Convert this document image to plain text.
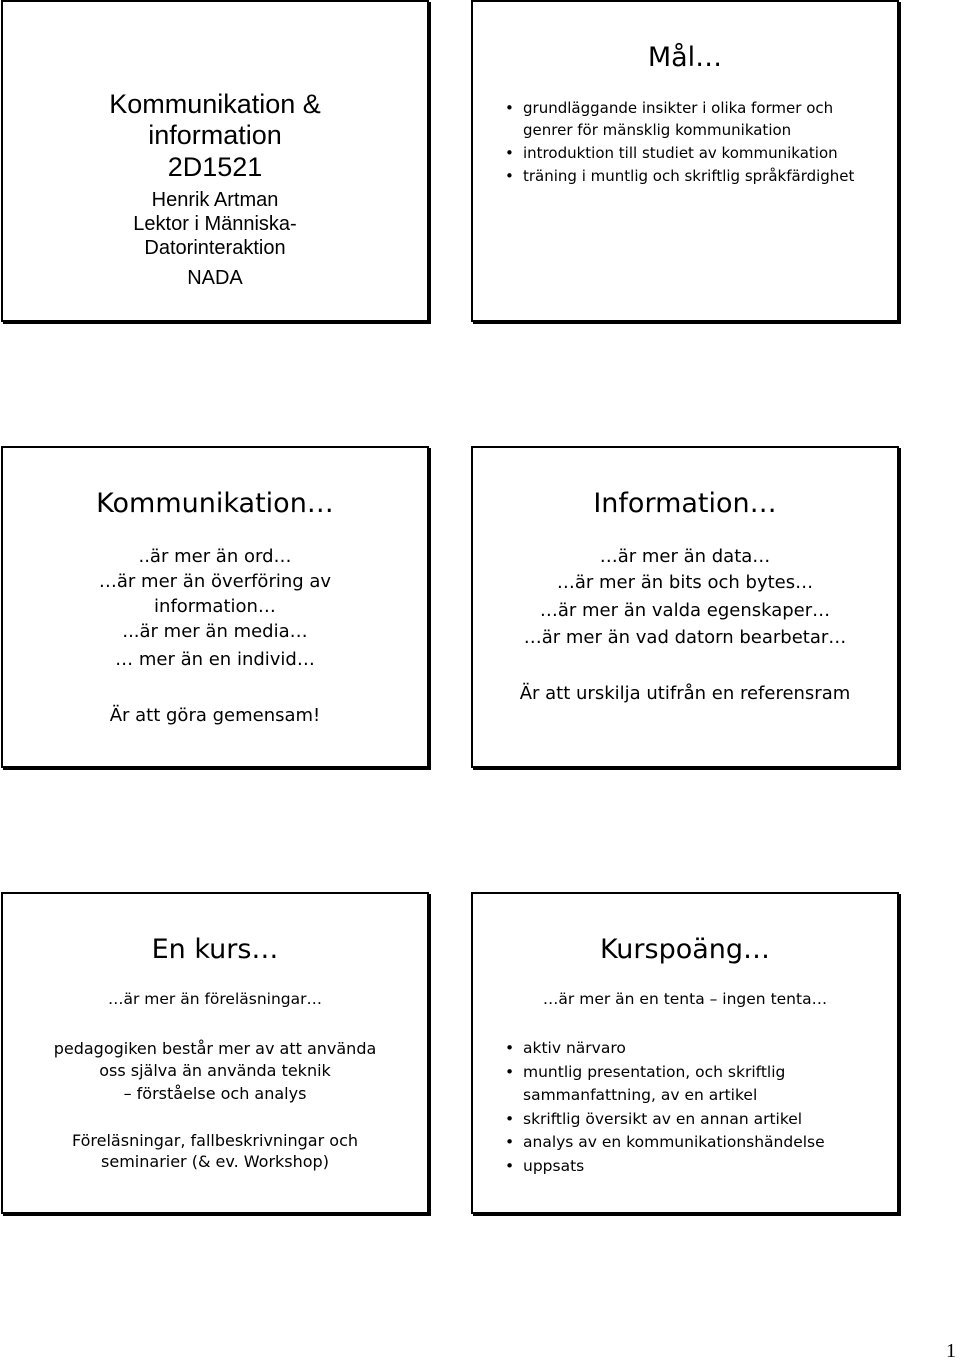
Kommunikation &
information
2D1521
Henrik Artman
Lektor i Människa-
Datorinteraktion
NADA
Mål…
• grundläggande insikter i olika former och genrer för mänsklig kommunikation
• introduktion till studiet av kommunikation
• träning i muntlig och skriftlig språkfärdighet
Kommunikation…
..är mer än ord…
…är mer än överföring av
information…
...är mer än media…
… mer än en individ…
Är att göra gemensam!
Information…
…är mer än data…
…är mer än bits och bytes…
…är mer än valda egenskaper…
…är mer än vad datorn bearbetar…
Är att urskilja utifrån en referensram
En kurs…
…är mer än föreläsningar…
pedagogiken består mer av att använda
oss själva än använda teknik
– förståelse och analys
Föreläsningar, fallbeskrivningar och
seminarier (& ev. Workshop)
Kurspoäng…
…är mer än en tenta – ingen tenta…
• aktiv närvaro
• muntlig presentation, och skriftlig sammanfattning, av en artikel
• skriftlig översikt av en annan artikel
• analys av en kommunikationshändelse
• uppsats
1
